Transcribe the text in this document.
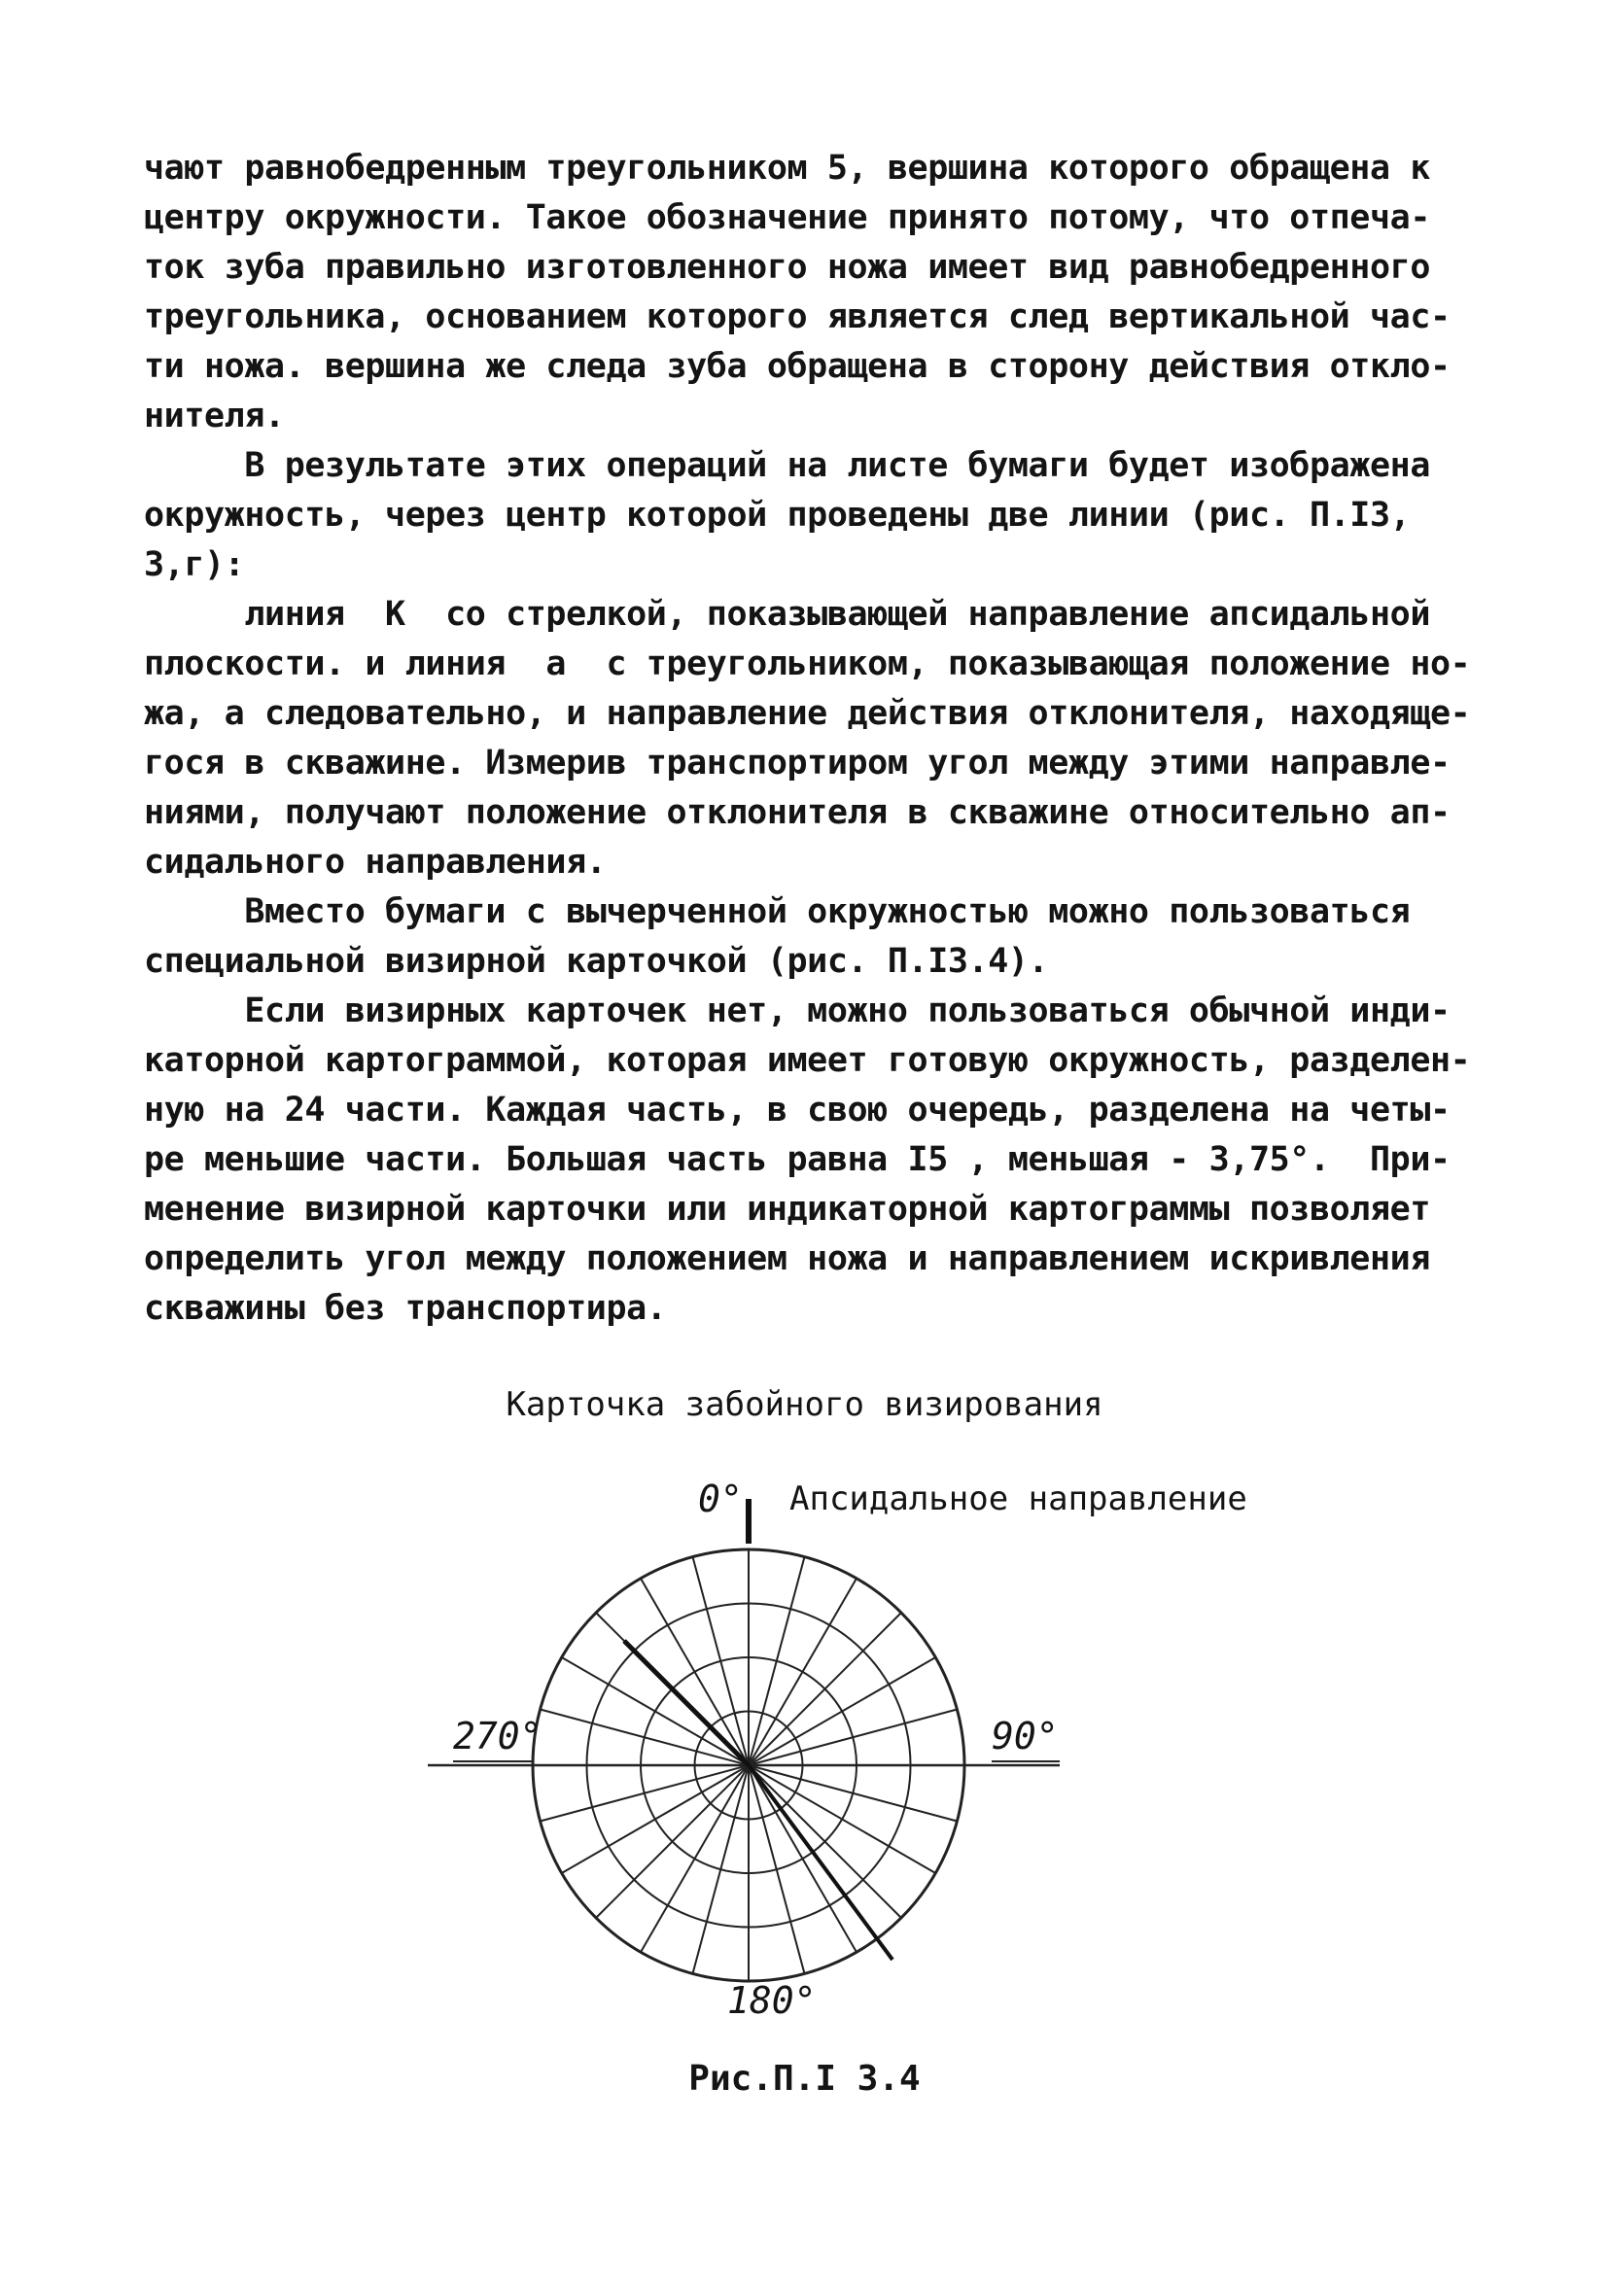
чают равнобедренным треугольником 5, вершина которого обращена к
центру окружности. Такое обозначение принято потому, что отпеча-
ток зуба правильно изготовленного ножа имеет вид равнобедренного
треугольника, основанием которого является след вертикальной час-
ти ножа. вершина же следа зуба обращена в сторону действия откло-
нителя.
В результате этих операций на листе бумаги будет изображена
окружность, через центр которой проведены две линии (рис. П.I3,
3,г):
линия  К  со стрелкой, показывающей направление апсидальной
плоскости. и линия  а  с треугольником, показывающая положение но-
жа, а следовательно, и направление действия отклонителя, находяще-
гося в скважине. Измерив транспортиром угол между этими направле-
ниями, получают положение отклонителя в скважине относительно ап-
сидального направления.
Вместо бумаги с вычерченной окружностью можно пользоваться
специальной визирной карточкой (рис. П.I3.4).
Если визирных карточек нет, можно пользоваться обычной инди-
каторной картограммой, которая имеет готовую окружность, разделен-
ную на 24 части. Каждая часть, в свою очередь, разделена на четы-
ре меньшие части. Большая часть равна I5 , меньшая - 3,75°.  При-
менение визирной карточки или индикаторной картограммы позволяет
определить угол между положением ножа и направлением искривления
скважины без транспортира.
Карточка забойного визирования
Апсидальное направление
0°
270°	90°
180°
Рис.П.I 3.4
